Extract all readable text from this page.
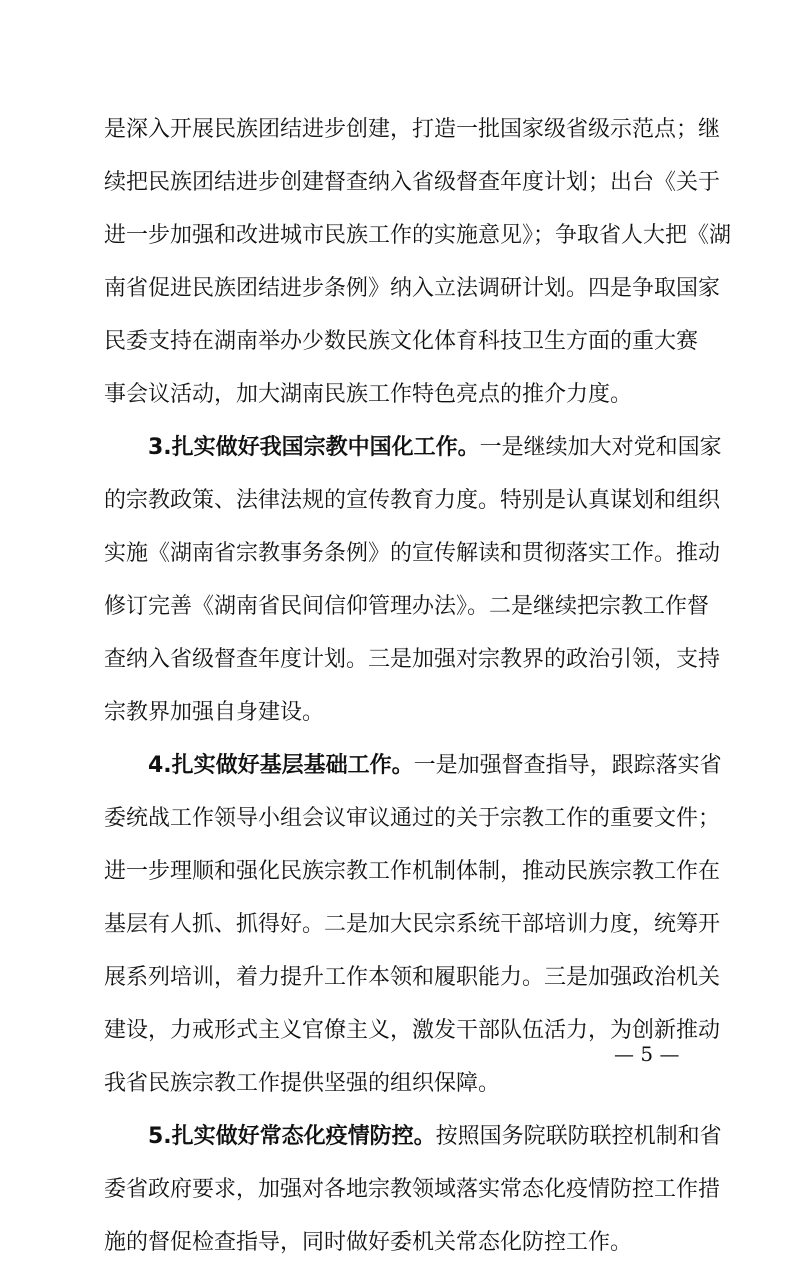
是深入开展民族团结进步创建，打造一批国家级省级示范点；继
续把民族团结进步创建督查纳入省级督查年度计划；出台《关于
进一步加强和改进城市民族工作的实施意见》；争取省人大把《湖
南省促进民族团结进步条例》纳入立法调研计划。四是争取国家
民委支持在湖南举办少数民族文化体育科技卫生方面的重大赛
事会议活动，加大湖南民族工作特色亮点的推介力度。
3.扎实做好我国宗教中国化工作。一是继续加大对党和国家
的宗教政策、法律法规的宣传教育力度。特别是认真谋划和组织
实施《湖南省宗教事务条例》的宣传解读和贯彻落实工作。推动
修订完善《湖南省民间信仰管理办法》。二是继续把宗教工作督
查纳入省级督查年度计划。三是加强对宗教界的政治引领，支持
宗教界加强自身建设。
4.扎实做好基层基础工作。一是加强督查指导，跟踪落实省
委统战工作领导小组会议审议通过的关于宗教工作的重要文件；
进一步理顺和强化民族宗教工作机制体制，推动民族宗教工作在
基层有人抓、抓得好。二是加大民宗系统干部培训力度，统筹开
展系列培训，着力提升工作本领和履职能力。三是加强政治机关
建设，力戒形式主义官僚主义，激发干部队伍活力，为创新推动
我省民族宗教工作提供坚强的组织保障。
5.扎实做好常态化疫情防控。按照国务院联防联控机制和省
委省政府要求，加强对各地宗教领域落实常态化疫情防控工作措
施的督促检查指导，同时做好委机关常态化防控工作。
— 5 —
